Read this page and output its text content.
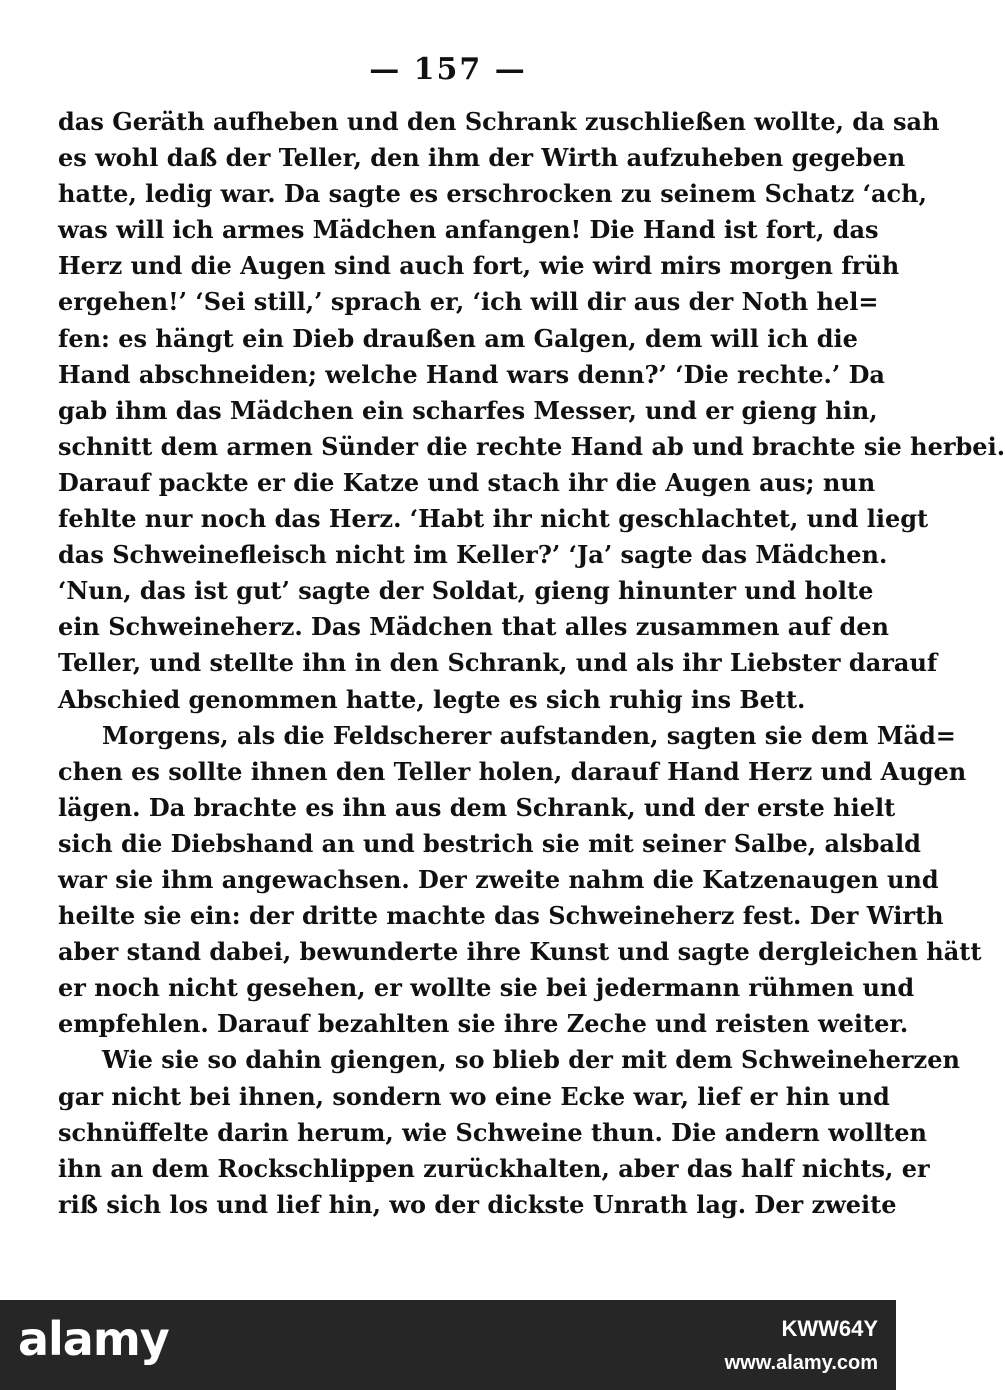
— 157 —
das Geräth aufheben und den Schrank zuschließen wollte, da sah
es wohl daß der Teller, den ihm der Wirth aufzuheben gegeben
hatte, ledig war. Da sagte es erschrocken zu seinem Schatz ‘ach,
was will ich armes Mädchen anfangen! Die Hand ist fort, das
Herz und die Augen sind auch fort, wie wird mirs morgen früh
ergehen!’ ‘Sei still,’ sprach er, ‘ich will dir aus der Noth hel=
fen: es hängt ein Dieb draußen am Galgen, dem will ich die
Hand abschneiden; welche Hand wars denn?’ ‘Die rechte.’ Da
gab ihm das Mädchen ein scharfes Messer, und er gieng hin,
schnitt dem armen Sünder die rechte Hand ab und brachte sie herbei.
Darauf packte er die Katze und stach ihr die Augen aus; nun
fehlte nur noch das Herz. ‘Habt ihr nicht geschlachtet, und liegt
das Schweinefleisch nicht im Keller?’ ‘Ja’ sagte das Mädchen.
‘Nun, das ist gut’ sagte der Soldat, gieng hinunter und holte
ein Schweineherz. Das Mädchen that alles zusammen auf den
Teller, und stellte ihn in den Schrank, und als ihr Liebster darauf
Abschied genommen hatte, legte es sich ruhig ins Bett.
Morgens, als die Feldscherer aufstanden, sagten sie dem Mäd=
chen es sollte ihnen den Teller holen, darauf Hand Herz und Augen
lägen. Da brachte es ihn aus dem Schrank, und der erste hielt
sich die Diebshand an und bestrich sie mit seiner Salbe, alsbald
war sie ihm angewachsen. Der zweite nahm die Katzenaugen und
heilte sie ein: der dritte machte das Schweineherz fest. Der Wirth
aber stand dabei, bewunderte ihre Kunst und sagte dergleichen hätt
er noch nicht gesehen, er wollte sie bei jedermann rühmen und
empfehlen. Darauf bezahlten sie ihre Zeche und reisten weiter.
Wie sie so dahin giengen, so blieb der mit dem Schweineherzen
gar nicht bei ihnen, sondern wo eine Ecke war, lief er hin und
schnüffelte darin herum, wie Schweine thun. Die andern wollten
ihn an dem Rockschlippen zurückhalten, aber das half nichts, er
riß sich los und lief hin, wo der dickste Unrath lag. Der zweite
alamy	KWW64Y
www.alamy.com
